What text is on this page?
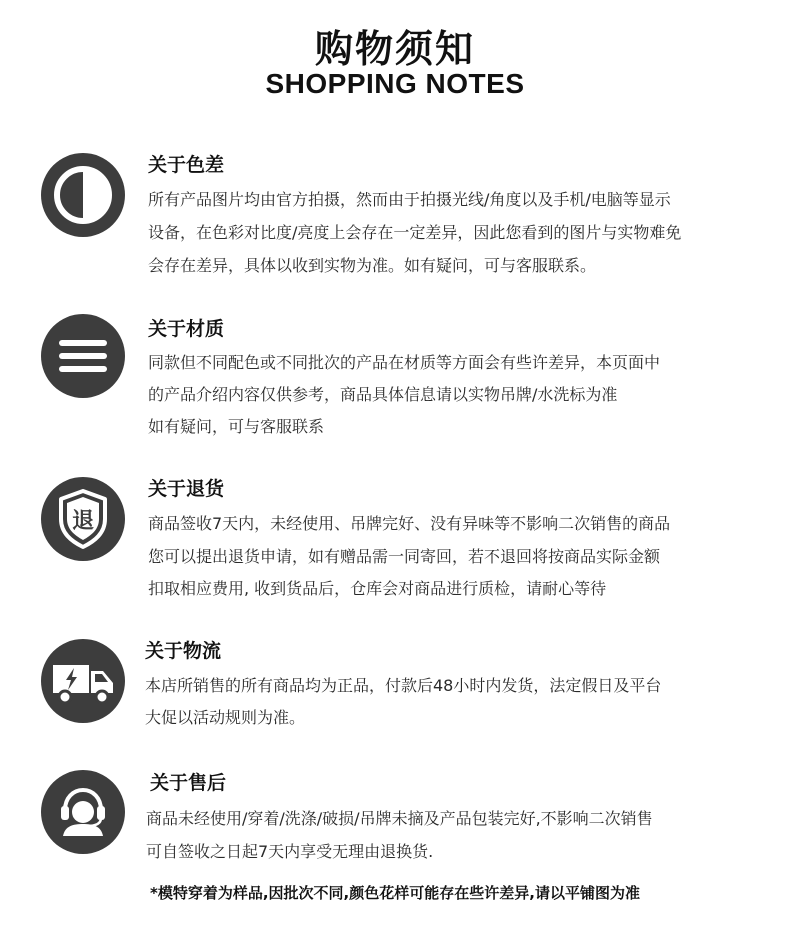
购物须知
SHOPPING NOTES
关于色差
所有产品图片均由官方拍摄，然而由于拍摄光线/角度以及手机/电脑等显示
设备，在色彩对比度/亮度上会存在一定差异，因此您看到的图片与实物难免
会存在差异，具体以收到实物为准。如有疑问，可与客服联系。
关于材质
同款但不同配色或不同批次的产品在材质等方面会有些许差异，本页面中
的产品介绍内容仅供参考，商品具体信息请以实物吊牌/水洗标为准
如有疑问，可与客服联系
退
关于退货
商品签收7天内，未经使用、吊牌完好、没有异味等不影响二次销售的商品
您可以提出退货申请，如有赠品需一同寄回，若不退回将按商品实际金额
扣取相应费用, 收到货品后，仓库会对商品进行质检，请耐心等待
关于物流
本店所销售的所有商品均为正品，付款后48小时内发货，法定假日及平台
大促以活动规则为准。
关于售后
商品未经使用/穿着/洗涤/破损/吊牌未摘及产品包装完好,不影响二次销售
可自签收之日起7天内享受无理由退换货.
*模特穿着为样品,因批次不同,颜色花样可能存在些许差异,请以平铺图为准
